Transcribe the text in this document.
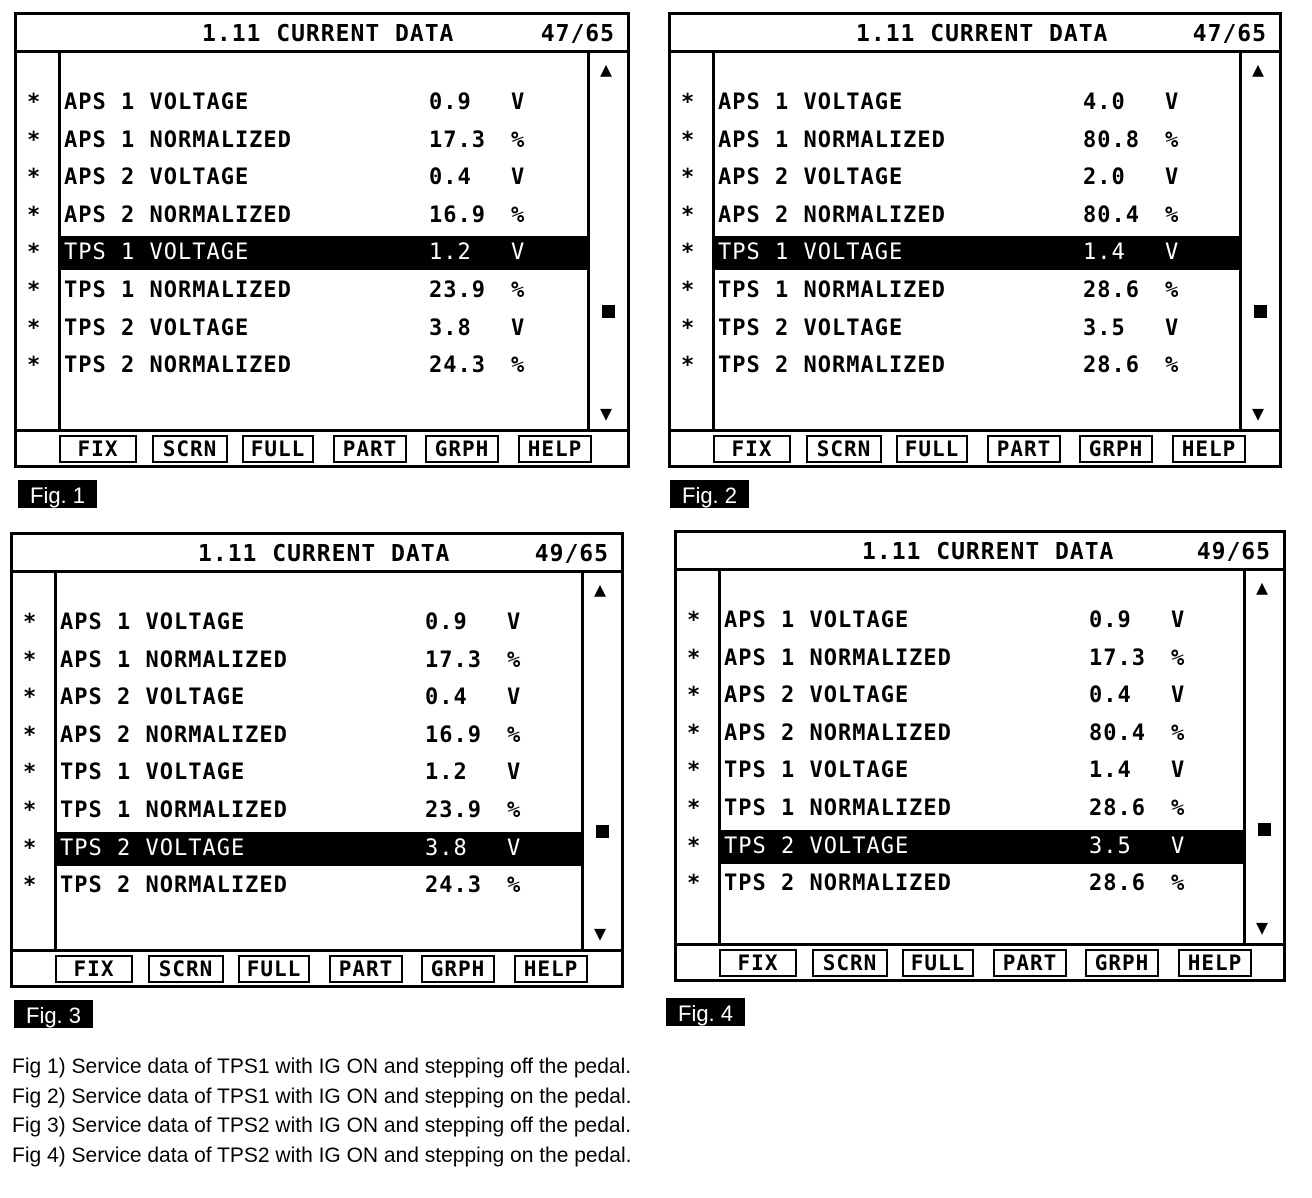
1.11 CURRENT DATA	47/65
* APS 1 VOLTAGE	0.9 V
* APS 1 NORMALIZED	17.3 %
* APS 2 VOLTAGE	0.4 V
* APS 2 NORMALIZED	16.9 %
* TPS 1 VOLTAGE	1.2 V
* TPS 1 NORMALIZED	23.9 %
* TPS 2 VOLTAGE	3.8 V
* TPS 2 NORMALIZED	24.3 %
▲
▼
FIX	SCRN	FULL	PART	GRPH	HELP
Fig. 1
1.11 CURRENT DATA	47/65
* APS 1 VOLTAGE	4.0 V
* APS 1 NORMALIZED	80.8 %
* APS 2 VOLTAGE	2.0 V
* APS 2 NORMALIZED	80.4 %
* TPS 1 VOLTAGE	1.4 V
* TPS 1 NORMALIZED	28.6 %
* TPS 2 VOLTAGE	3.5 V
* TPS 2 NORMALIZED	28.6 %
▲
▼
FIX	SCRN	FULL	PART	GRPH	HELP
Fig. 2
1.11 CURRENT DATA	49/65
* APS 1 VOLTAGE	0.9 V
* APS 1 NORMALIZED	17.3 %
* APS 2 VOLTAGE	0.4 V
* APS 2 NORMALIZED	16.9 %
* TPS 1 VOLTAGE	1.2 V
* TPS 1 NORMALIZED	23.9 %
* TPS 2 VOLTAGE	3.8 V
* TPS 2 NORMALIZED	24.3 %
▲
▼
FIX	SCRN	FULL	PART	GRPH	HELP
Fig. 3
1.11 CURRENT DATA	49/65
* APS 1 VOLTAGE	0.9 V
* APS 1 NORMALIZED	17.3 %
* APS 2 VOLTAGE	0.4 V
* APS 2 NORMALIZED	80.4 %
* TPS 1 VOLTAGE	1.4 V
* TPS 1 NORMALIZED	28.6 %
* TPS 2 VOLTAGE	3.5 V
* TPS 2 NORMALIZED	28.6 %
▲
▼
FIX	SCRN	FULL	PART	GRPH	HELP
Fig. 4
Fig 1) Service data of TPS1 with IG ON and stepping off the pedal.
Fig 2) Service data of TPS1 with IG ON and stepping on the pedal.
Fig 3) Service data of TPS2 with IG ON and stepping off the pedal.
Fig 4) Service data of TPS2 with IG ON and stepping on the pedal.
